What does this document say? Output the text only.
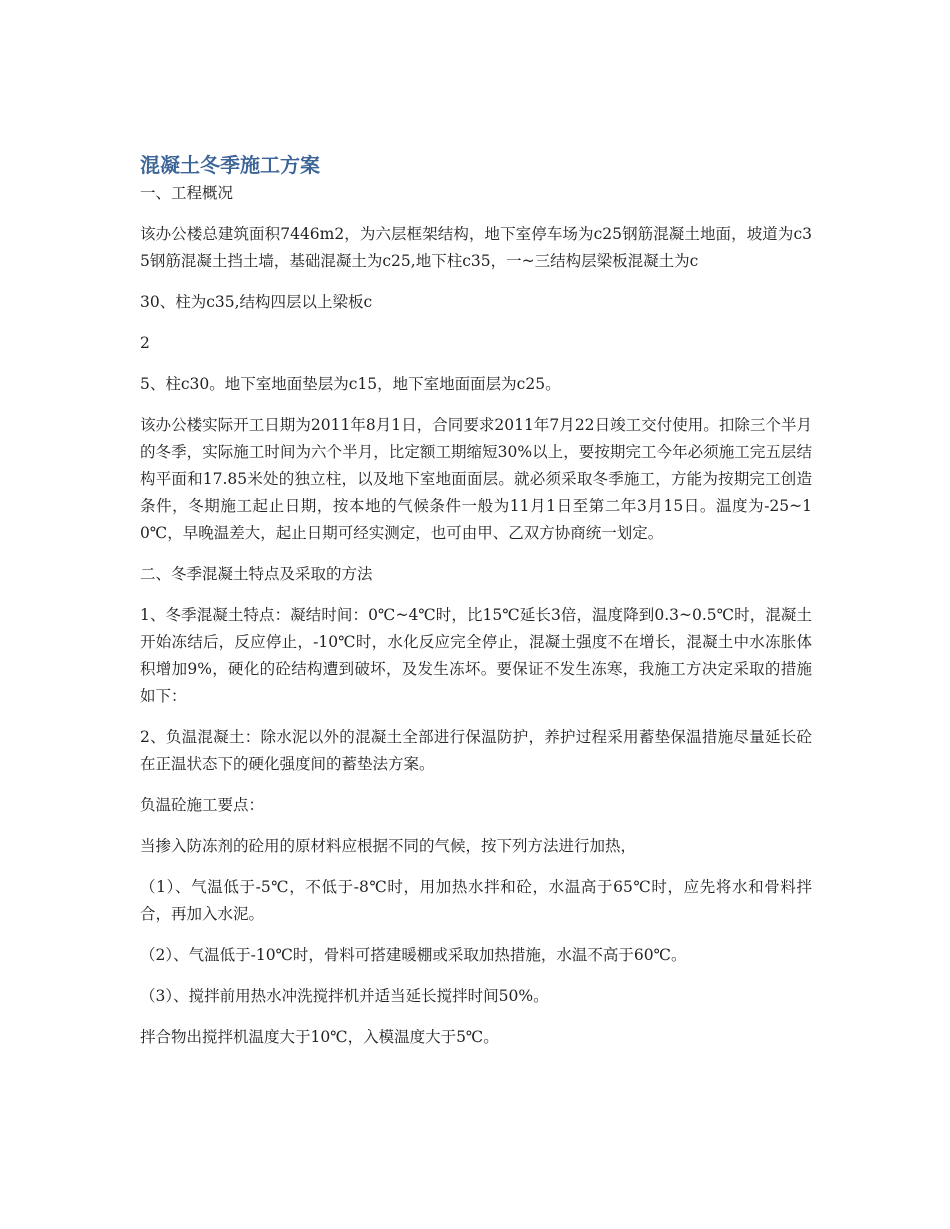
混凝土冬季施工方案
一、工程概况
该办公楼总建筑面积7446m2，为六层框架结构，地下室停车场为c25钢筋混凝土地面，坡道为c35钢筋混凝土挡土墙，基础混凝土为c25,地下柱c35，一~三结构层梁板混凝土为c
30、柱为c35,结构四层以上梁板c
2
5、柱c30。地下室地面垫层为c15，地下室地面面层为c25。
该办公楼实际开工日期为2011年8月1日，合同要求2011年7月22日竣工交付使用。扣除三个半月的冬季，实际施工时间为六个半月，比定额工期缩短30%以上，要按期完工今年必须施工完五层结构平面和17.85米处的独立柱，以及地下室地面面层。就必须采取冬季施工，方能为按期完工创造条件，冬期施工起止日期，按本地的气候条件一般为11月1日至第二年3月15日。温度为-25~10℃，早晚温差大，起止日期可经实测定，也可由甲、乙双方协商统一划定。
二、冬季混凝土特点及采取的方法
1、冬季混凝土特点：凝结时间：0℃~4℃时，比15℃延长3倍，温度降到0.3~0.5℃时，混凝土开始冻结后，反应停止，-10℃时，水化反应完全停止，混凝土强度不在增长，混凝土中水冻胀体积增加9%，硬化的砼结构遭到破坏，及发生冻坏。要保证不发生冻寒，我施工方决定采取的措施如下：
2、负温混凝土：除水泥以外的混凝土全部进行保温防护，养护过程采用蓄垫保温措施尽量延长砼在正温状态下的硬化强度间的蓄垫法方案。
负温砼施工要点：
当掺入防冻剂的砼用的原材料应根据不同的气候，按下列方法进行加热，
（1）、气温低于-5℃，不低于-8℃时，用加热水拌和砼，水温高于65℃时，应先将水和骨料拌合，再加入水泥。
（2）、气温低于-10℃时，骨料可搭建暖棚或采取加热措施，水温不高于60℃。
（3）、搅拌前用热水冲洗搅拌机并适当延长搅拌时间50%。
拌合物出搅拌机温度大于10℃，入模温度大于5℃。
